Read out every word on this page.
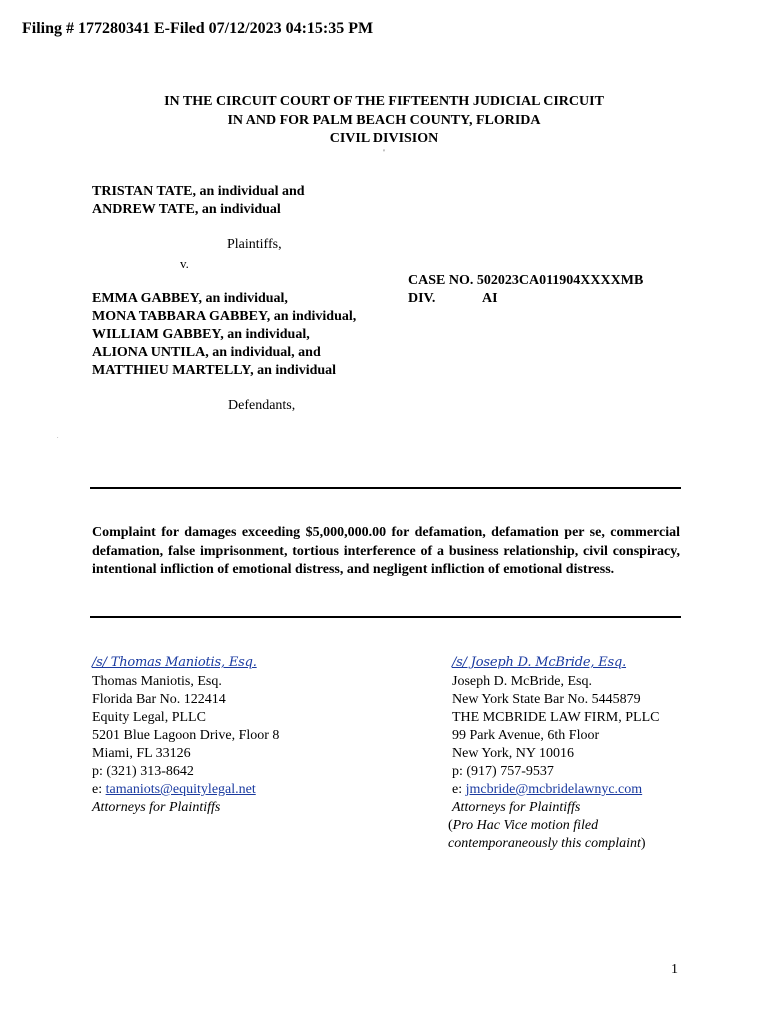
Filing # 177280341 E-Filed 07/12/2023 04:15:35 PM
IN THE CIRCUIT COURT OF THE FIFTEENTH JUDICIAL CIRCUIT
IN AND FOR PALM BEACH COUNTY, FLORIDA
CIVIL DIVISION
'
TRISTAN TATE, an individual and
ANDREW TATE, an individual
Plaintiffs,
v.
CASE NO. 502023CA011904XXXXMB
DIV.	AI
EMMA GABBEY, an individual,
MONA TABBARA GABBEY, an individual,
WILLIAM GABBEY, an individual,
ALIONA UNTILA, an individual, and
MATTHIEU MARTELLY, an individual
Defendants,
.
Complaint for damages exceeding $5,000,000.00 for defamation, defamation per se, commercial defamation, false imprisonment, tortious interference of a business relationship, civil conspiracy, intentional infliction of emotional distress, and negligent infliction of emotional distress.
/s/ Thomas Maniotis, Esq.
Thomas Maniotis, Esq.
Florida Bar No. 122414
Equity Legal, PLLC
5201 Blue Lagoon Drive, Floor 8
Miami, FL 33126
p: (321) 313-8642
e: tamaniots@equitylegal.net
Attorneys for Plaintiffs
/s/ Joseph D. McBride, Esq.
Joseph D. McBride, Esq.
New York State Bar No. 5445879
THE MCBRIDE LAW FIRM, PLLC
99 Park Avenue, 6th Floor
New York, NY 10016
p: (917) 757-9537
e: jmcbride@mcbridelawnyc.com
Attorneys for Plaintiffs
(Pro Hac Vice motion filed
contemporaneously this complaint)
1
